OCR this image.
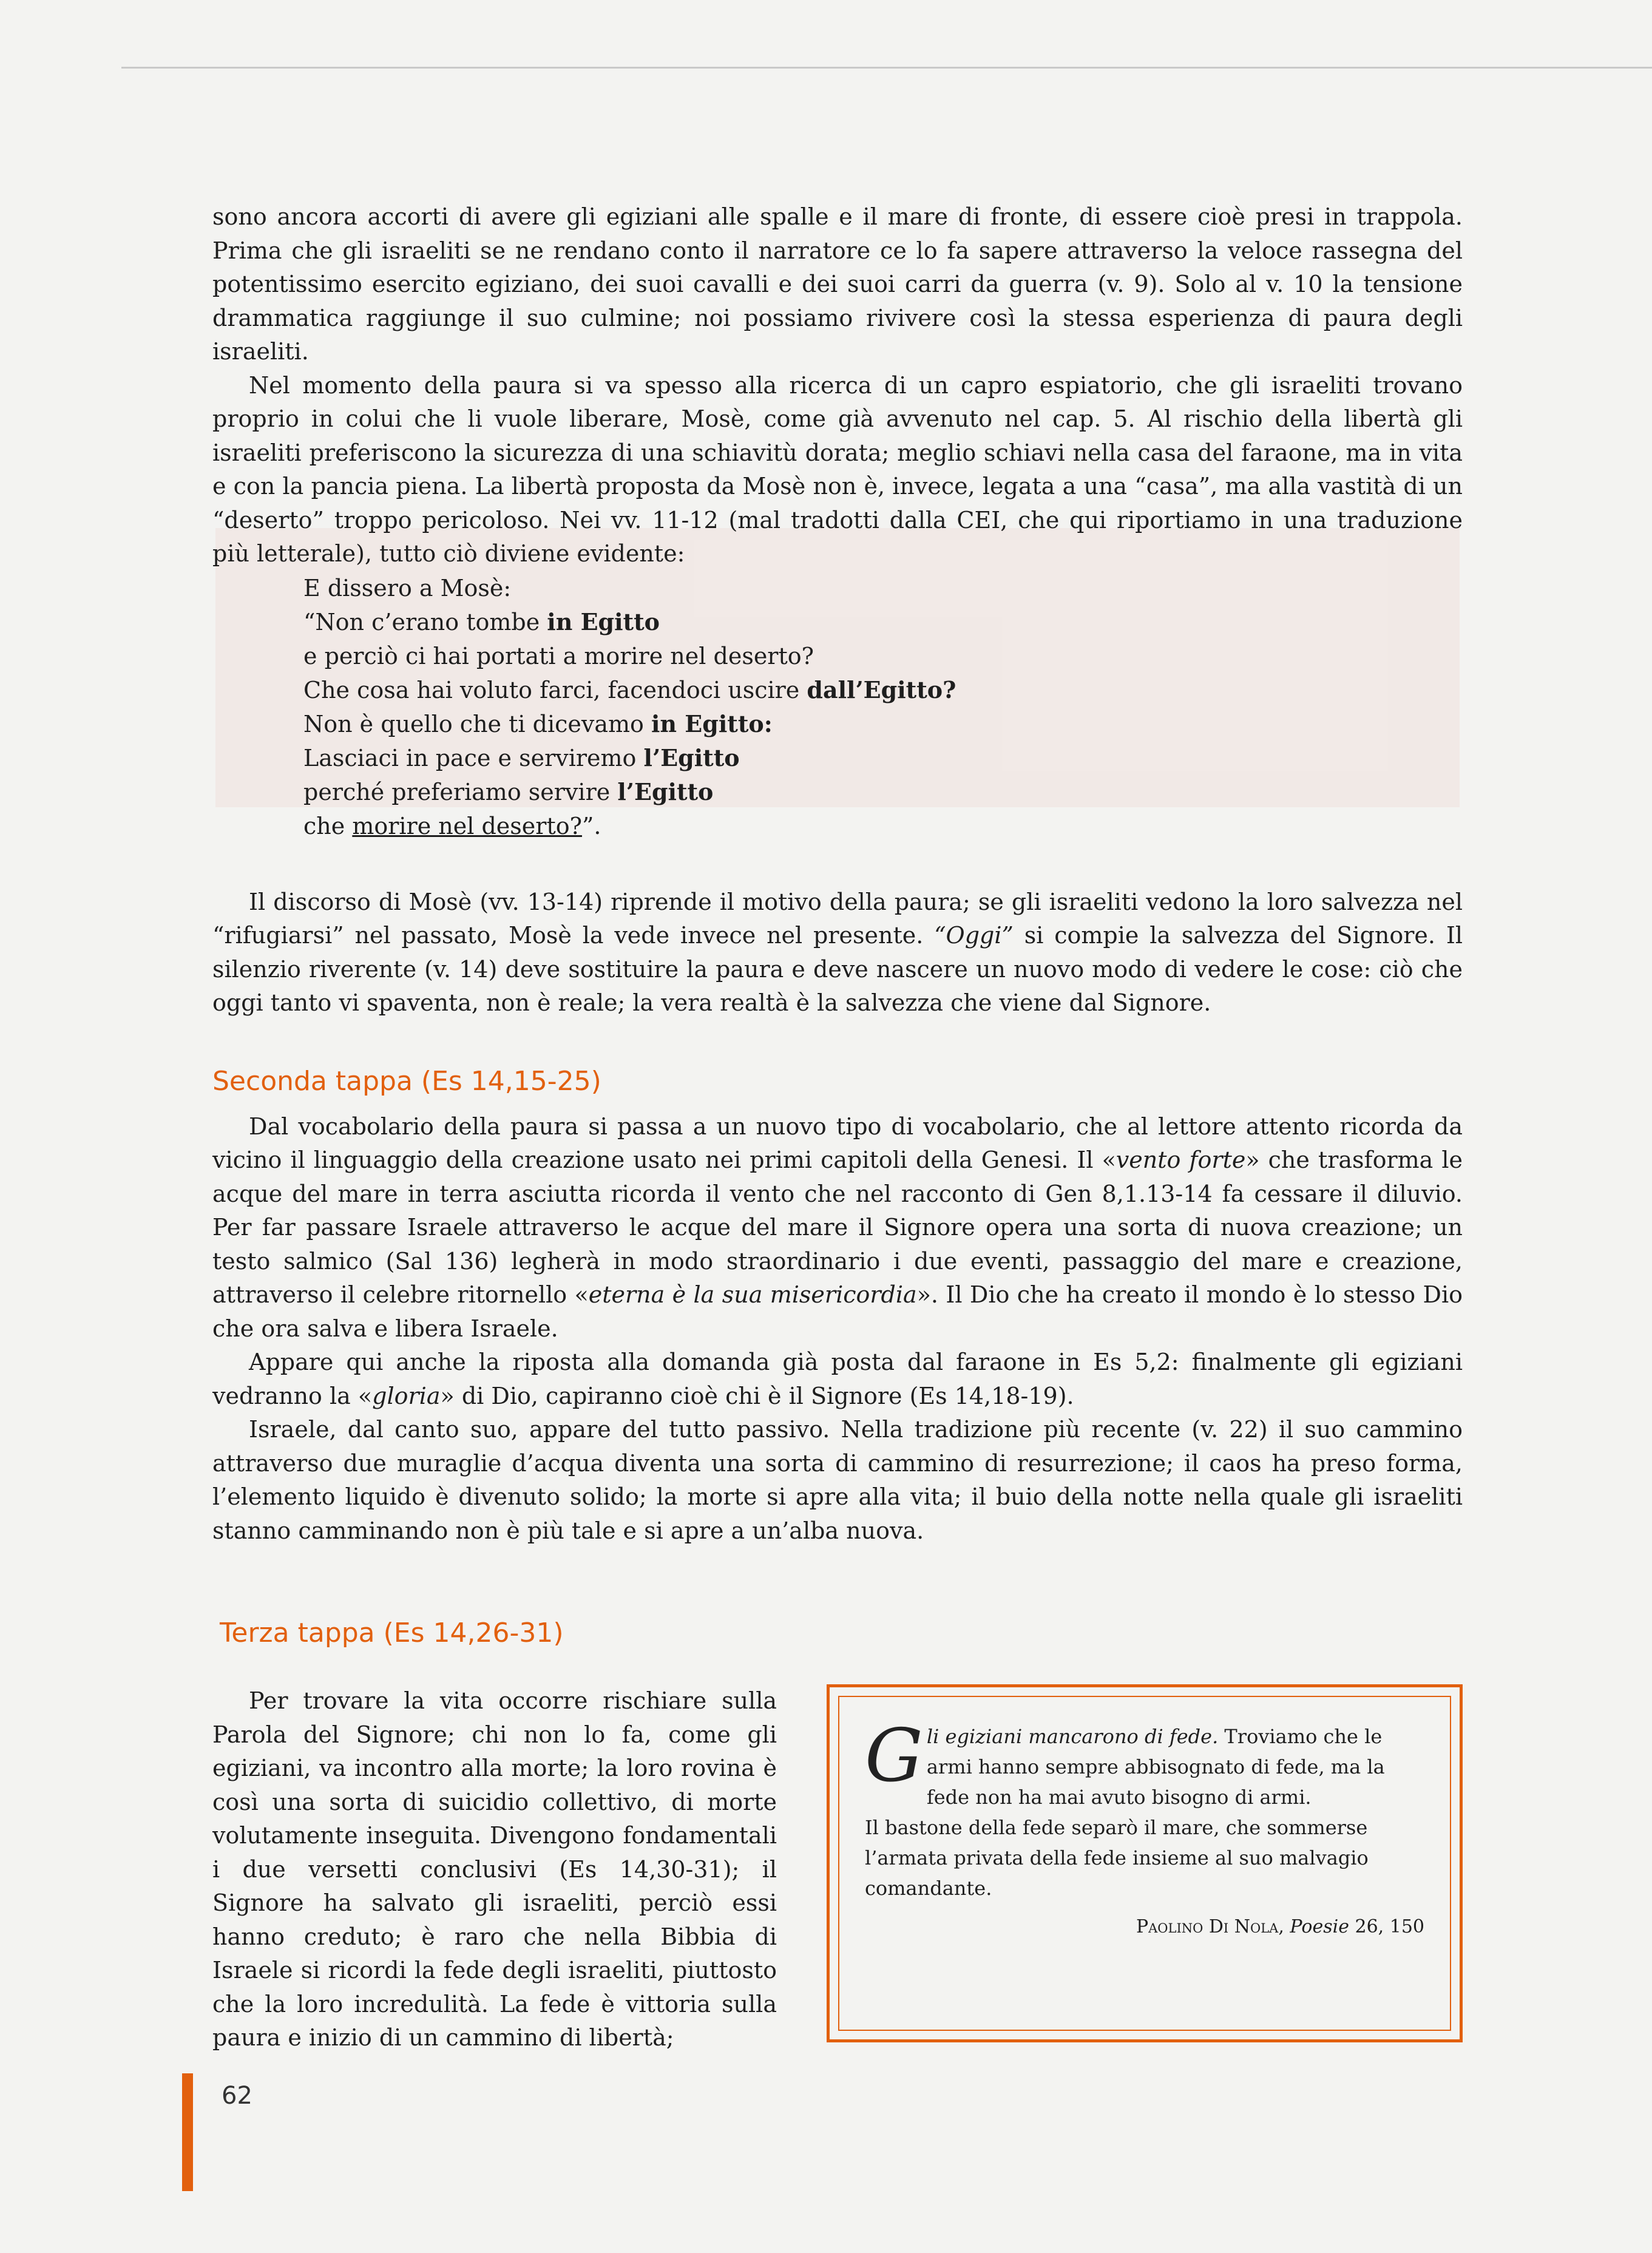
sono ancora accorti di avere gli egiziani alle spalle e il mare di fronte, di essere cioè presi in trappola. Prima che gli israeliti se ne rendano conto il narratore ce lo fa sapere attraverso la veloce rassegna del potentissimo esercito egiziano, dei suoi cavalli e dei suoi carri da guerra (v. 9). Solo al v. 10 la tensione drammatica raggiunge il suo culmine; noi possiamo rivivere così la stessa esperienza di paura degli israeliti.

Nel momento della paura si va spesso alla ricerca di un capro espiatorio, che gli israeliti trovano proprio in colui che li vuole liberare, Mosè, come già avvenuto nel cap. 5. Al rischio della libertà gli israeliti preferiscono la sicurezza di una schiavitù dorata; meglio schiavi nella casa del faraone, ma in vita e con la pancia piena. La libertà proposta da Mosè non è, invece, legata a una “casa”, ma alla vastità di un “deserto” troppo pericoloso. Nei vv. 11-12 (mal tradotti dalla CEI, che qui riportiamo in una traduzione più letterale), tutto ciò diviene evidente:

E dissero a Mosè:
“Non c’erano tombe in Egitto
e perciò ci hai portati a morire nel deserto?
Che cosa hai voluto farci, facendoci uscire dall’Egitto?
Non è quello che ti dicevamo in Egitto:
Lasciaci in pace e serviremo l’Egitto
perché preferiamo servire l’Egitto
che morire nel deserto?”.

Il discorso di Mosè (vv. 13-14) riprende il motivo della paura; se gli israeliti vedono la loro salvezza nel “rifugiarsi” nel passato, Mosè la vede invece nel presente. “Oggi” si compie la salvezza del Signore. Il silenzio riverente (v. 14) deve sostituire la paura e deve nascere un nuovo modo di vedere le cose: ciò che oggi tanto vi spaventa, non è reale; la vera realtà è la salvezza che viene dal Signore.

Seconda tappa (Es 14,15-25)

Dal vocabolario della paura si passa a un nuovo tipo di vocabolario, che al lettore attento ricorda da vicino il linguaggio della creazione usato nei primi capitoli della Genesi. Il «vento forte» che trasforma le acque del mare in terra asciutta ricorda il vento che nel racconto di Gen 8,1.13-14 fa cessare il diluvio. Per far passare Israele attraverso le acque del mare il Signore opera una sorta di nuova creazione; un testo salmico (Sal 136) legherà in modo straordinario i due eventi, passaggio del mare e creazione, attraverso il celebre ritornello «eterna è la sua misericordia». Il Dio che ha creato il mondo è lo stesso Dio che ora salva e libera Israele.

Appare qui anche la riposta alla domanda già posta dal faraone in Es 5,2: finalmente gli egiziani vedranno la «gloria» di Dio, capiranno cioè chi è il Signore (Es 14,18-19).

Israele, dal canto suo, appare del tutto passivo. Nella tradizione più recente (v. 22) il suo cammino attraverso due muraglie d’acqua diventa una sorta di cammino di resurrezione; il caos ha preso forma, l’elemento liquido è divenuto solido; la morte si apre alla vita; il buio della notte nella quale gli israeliti stanno camminando non è più tale e si apre a un’alba nuova.

Terza tappa (Es 14,26-31)

Per trovare la vita occorre rischiare sulla Parola del Signore; chi non lo fa, come gli egiziani, va incontro alla morte; la loro rovina è così una sorta di suicidio collettivo, di morte volutamente inseguita. Divengono fondamentali i due versetti conclusivi (Es 14,30-31); il Signore ha salvato gli israeliti, perciò essi hanno creduto; è raro che nella Bibbia di Israele si ricordi la fede degli israeliti, piuttosto che la loro incredulità. La fede è vittoria sulla paura e inizio di un cammino di libertà;

G li egiziani mancarono di fede. Troviamo che le armi hanno sempre abbisognato di fede, ma la fede non ha mai avuto bisogno di armi.
Il bastone della fede separò il mare, che sommerse l’armata privata della fede insieme al suo malvagio comandante.
Paolino Di Nola, Poesie 26, 150
62
